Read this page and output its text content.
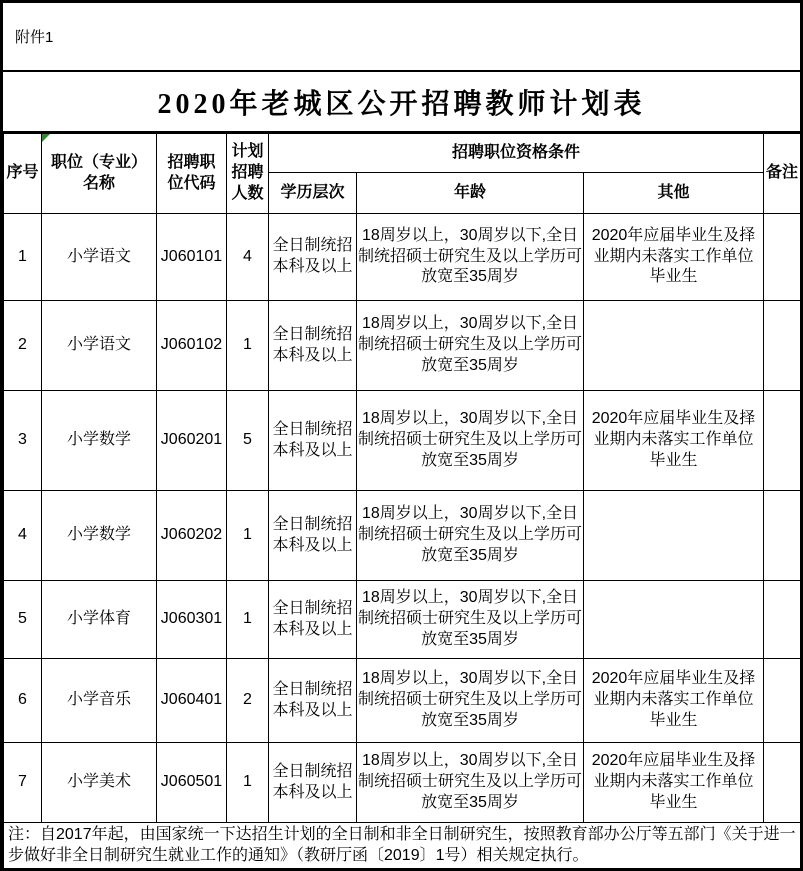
附件1
2020年老城区公开招聘教师计划表
序号	职位（专业）名称	招聘职位代码	计划招聘人数	招聘职位资格条件			备注
				学历层次	年龄	其他	
1	小学语文	J060101	4	全日制统招本科及以上	18周岁以上，30周岁以下,全日制统招硕士研究生及以上学历可放宽至35周岁	2020年应届毕业生及择业期内未落实工作单位毕业生	
2	小学语文	J060102	1	全日制统招本科及以上	18周岁以上，30周岁以下,全日制统招硕士研究生及以上学历可放宽至35周岁		
3	小学数学	J060201	5	全日制统招本科及以上	18周岁以上，30周岁以下,全日制统招硕士研究生及以上学历可放宽至35周岁	2020年应届毕业生及择业期内未落实工作单位毕业生	
4	小学数学	J060202	1	全日制统招本科及以上	18周岁以上，30周岁以下,全日制统招硕士研究生及以上学历可放宽至35周岁		
5	小学体育	J060301	1	全日制统招本科及以上	18周岁以上，30周岁以下,全日制统招硕士研究生及以上学历可放宽至35周岁		
6	小学音乐	J060401	2	全日制统招本科及以上	18周岁以上，30周岁以下,全日制统招硕士研究生及以上学历可放宽至35周岁	2020年应届毕业生及择业期内未落实工作单位毕业生	
7	小学美术	J060501	1	全日制统招本科及以上	18周岁以上，30周岁以下,全日制统招硕士研究生及以上学历可放宽至35周岁	2020年应届毕业生及择业期内未落实工作单位毕业生	
注：自2017年起，由国家统一下达招生计划的全日制和非全日制研究生，按照教育部办公厅等五部门《关于进一步做好非全日制研究生就业工作的通知》（教研厅函〔2019〕1号）相关规定执行。							
